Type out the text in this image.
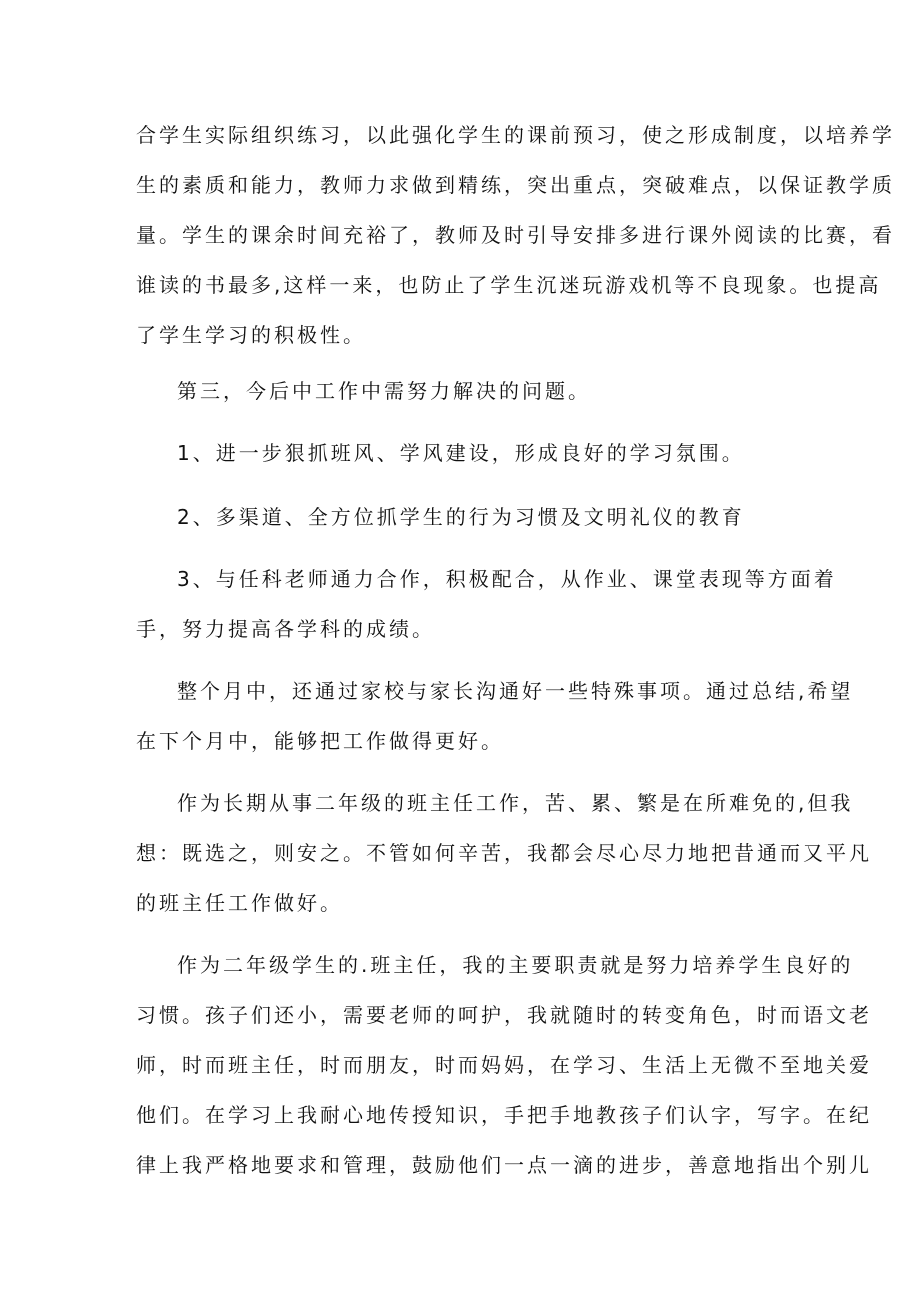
合学生实际组织练习，以此强化学生的课前预习，使之形成制度，以培养学

生的素质和能力，教师力求做到精练，突出重点，突破难点，以保证教学质

量。学生的课余时间充裕了，教师及时引导安排多进行课外阅读的比赛，看

谁读的书最多,这样一来，也防止了学生沉迷玩游戏机等不良现象。也提高

了学生学习的积极性。

第三，今后中工作中需努力解决的问题。

1、进一步狠抓班风、学风建设，形成良好的学习氛围。

2、多渠道、全方位抓学生的行为习惯及文明礼仪的教育

3、与任科老师通力合作，积极配合，从作业、课堂表现等方面着

手，努力提高各学科的成绩。

整个月中，还通过家校与家长沟通好一些特殊事项。通过总结,希望

在下个月中，能够把工作做得更好。

作为长期从事二年级的班主任工作，苦、累、繁是在所难免的,但我

想：既选之，则安之。不管如何辛苦，我都会尽心尽力地把昔通而又平凡

的班主任工作做好。

作为二年级学生的.班主任，我的主要职责就是努力培养学生良好的

习惯。孩子们还小，需要老师的呵护，我就随时的转变角色，时而语文老

师，时而班主任，时而朋友，时而妈妈，在学习、生活上无微不至地关爱

他们。在学习上我耐心地传授知识，手把手地教孩子们认字，写字。在纪

律上我严格地要求和管理，鼓励他们一点一滴的进步，善意地指出个别儿
